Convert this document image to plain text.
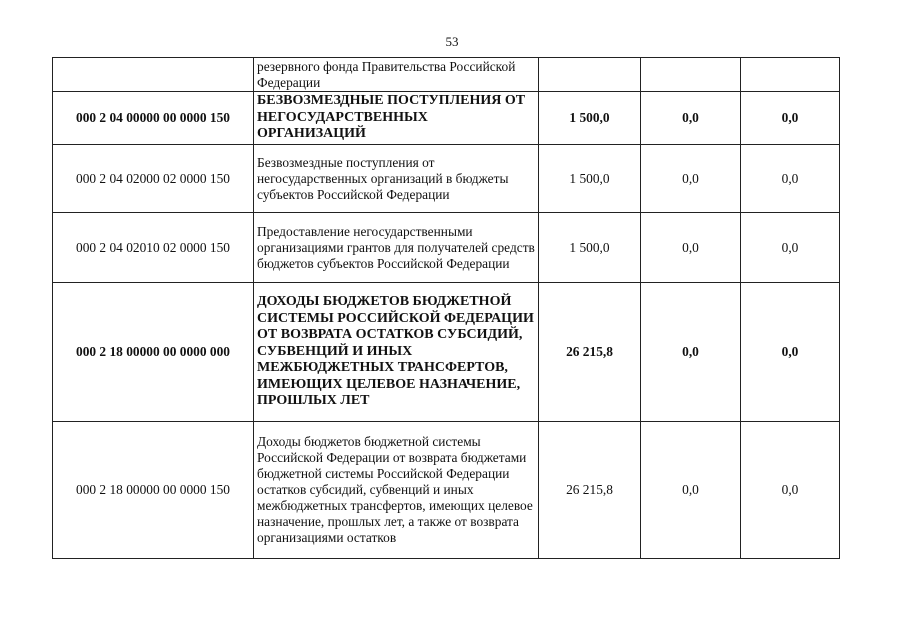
53
	резервного фонда Правительства Российской Федерации			
000 2 04 00000 00 0000 150	БЕЗВОЗМЕЗДНЫЕ ПОСТУПЛЕНИЯ ОТ НЕГОСУДАРСТВЕННЫХ ОРГАНИЗАЦИЙ	1 500,0	0,0	0,0
000 2 04 02000 02 0000 150	Безвозмездные поступления от негосударственных организаций в бюджеты субъектов Российской Федерации	1 500,0	0,0	0,0
000 2 04 02010 02 0000 150	Предоставление негосударственными организациями грантов для получателей средств бюджетов субъектов Российской Федерации	1 500,0	0,0	0,0
000 2 18 00000 00 0000 000	ДОХОДЫ БЮДЖЕТОВ БЮДЖЕТНОЙ СИСТЕМЫ РОССИЙСКОЙ ФЕДЕРАЦИИ ОТ ВОЗВРАТА ОСТАТКОВ СУБСИДИЙ, СУБВЕНЦИЙ И ИНЫХ МЕЖБЮДЖЕТНЫХ ТРАНСФЕРТОВ, ИМЕЮЩИХ ЦЕЛЕВОЕ НАЗНАЧЕНИЕ, ПРОШЛЫХ ЛЕТ	26 215,8	0,0	0,0
000 2 18 00000 00 0000 150	Доходы бюджетов бюджетной системы Российской Федерации от возврата бюджетами бюджетной системы Российской Федерации остатков субсидий, субвенций и иных межбюджетных трансфертов, имеющих целевое назначение, прошлых лет, а также от возврата организациями остатков	26 215,8	0,0	0,0
